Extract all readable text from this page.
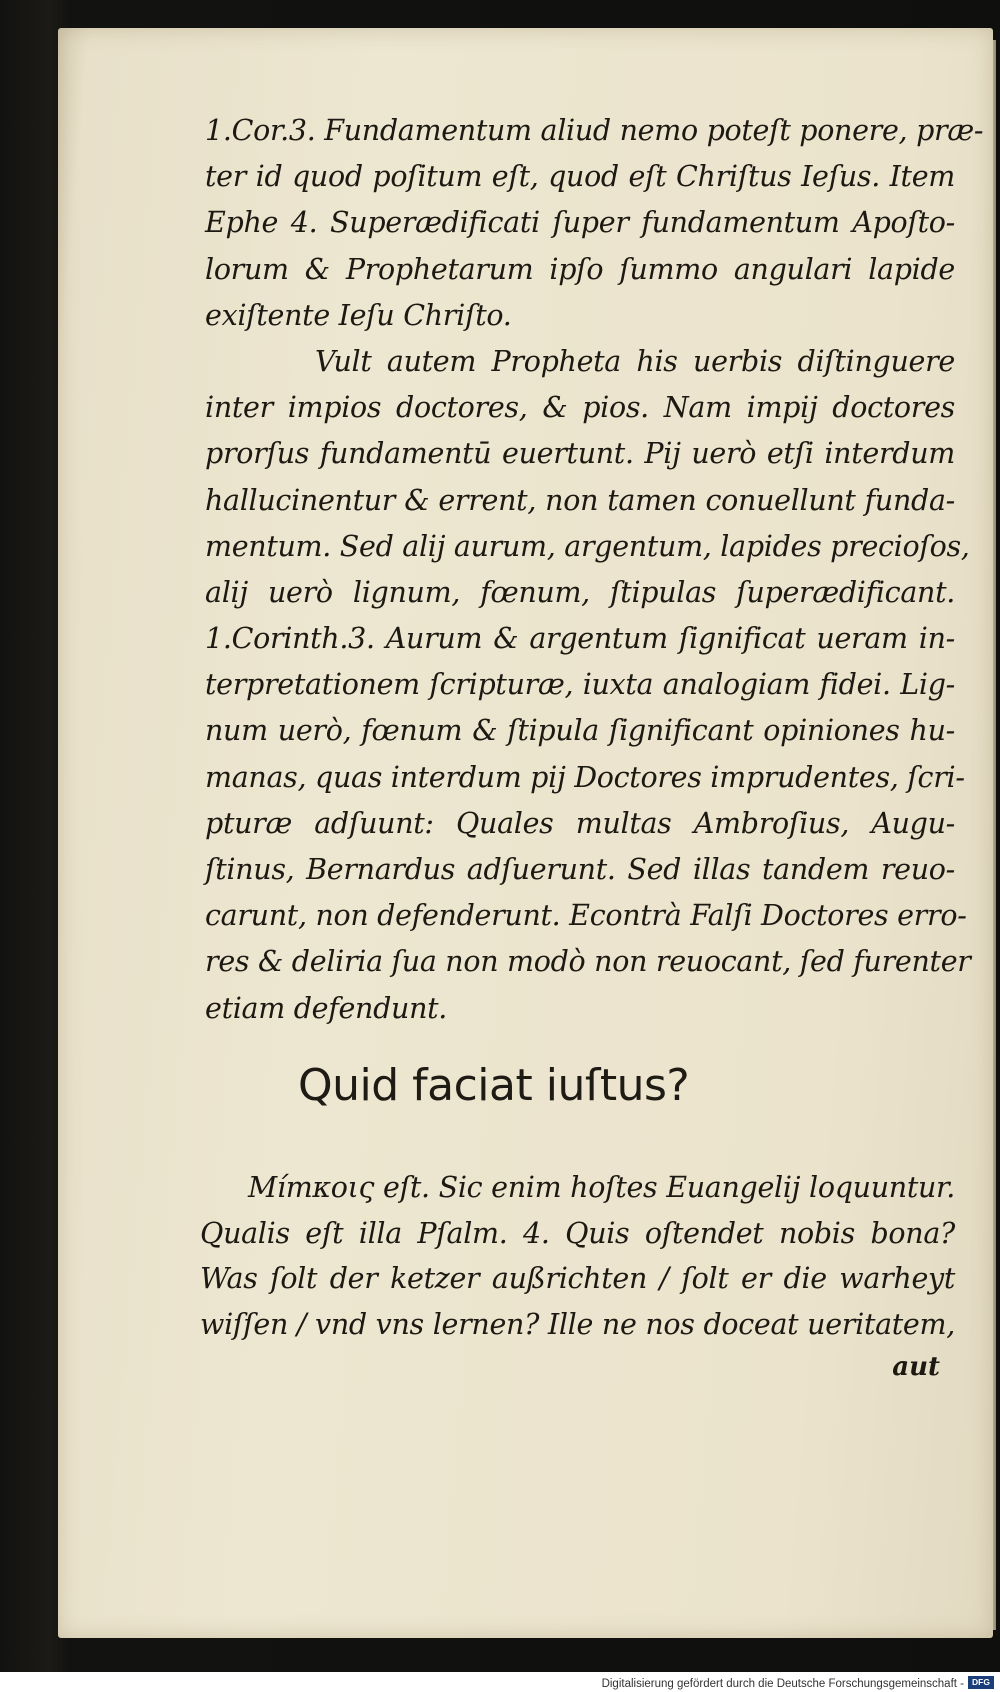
1.Cor.3. Fundamentum aliud nemo poteſt ponere, præ-
ter id quod poſitum eſt, quod eſt Chriſtus Ieſus. Item
Ephe 4. Superædificati ſuper fundamentum Apoſto-
lorum & Prophetarum ipſo ſummo angulari lapide
exiſtente Ieſu Chriſto.
Vult autem Propheta his uerbis diſtinguere
inter impios doctores, & pios. Nam impij doctores
prorſus fundamentū euertunt. Pij uerò etſi interdum
hallucinentur & errent, non tamen conuellunt funda-
mentum. Sed alij aurum, argentum, lapides precioſos,
alij uerò lignum, fœnum, ſtipulas ſuperædificant.
1.Corinth.3. Aurum & argentum ſignificat ueram in-
terpretationem ſcripturæ, iuxta analogiam fidei. Lig-
num uerò, fœnum & ſtipula ſignificant opiniones hu-
manas, quas interdum pij Doctores imprudentes, ſcri-
pturæ adſuunt: Quales multas Ambroſius, Augu-
ſtinus, Bernardus adſuerunt. Sed illas tandem reuo-
carunt, non defenderunt. Econtrà Falſi Doctores erro-
res & deliria ſua non modò non reuocant, ſed furenter
etiam defendunt.
Quid faciat iuſtus?
Mímκοις eſt. Sic enim hoſtes Euangelij loquuntur.
Qualis eſt illa Pſalm. 4. Quis oſtendet nobis bona?
Was ſolt der ketzer außrichten / ſolt er die warheyt
wiſſen / vnd vns lernen? Ille ne nos doceat ueritatem,
aut
Digitalisierung gefördert durch die Deutsche Forschungsgemeinschaft - DFG
